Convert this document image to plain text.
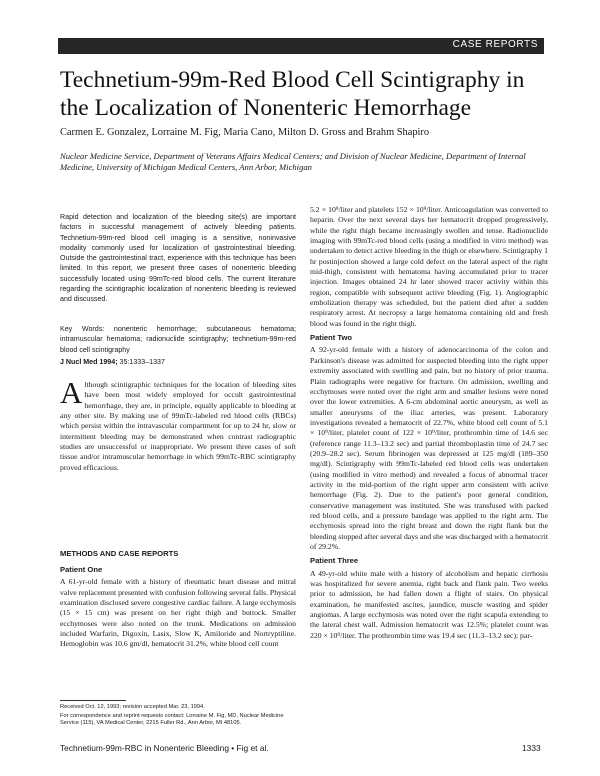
CASE REPORTS
Technetium-99m-Red Blood Cell Scintigraphy in the Localization of Nonenteric Hemorrhage
Carmen E. Gonzalez, Lorraine M. Fig, Maria Cano, Milton D. Gross and Brahm Shapiro
Nuclear Medicine Service, Department of Veterans Affairs Medical Centers; and Division of Nuclear Medicine, Department of Internal Medicine, University of Michigan Medical Centers, Ann Arbor, Michigan

Rapid detection and localization of the bleeding site(s) are important factors in successful management of actively bleeding patients. Technetium-99m-red blood cell imaging is a sensitive, noninvasive modality commonly used for localization of gastrointestinal bleeding. Outside the gastrointestinal tract, experience with this technique has been limited. In this report, we present three cases of nonenteric bleeding successfully located using 99mTc-red blood cells. The current literature regarding the scintigraphic localization of nonenteric bleeding is reviewed and discussed.

Key Words: nonenteric hemorrhage; subcutaneous hematoma; intramuscular hematoma; radionuclide scintigraphy; technetium-99m-red blood cell scintigraphy

J Nucl Med 1994; 35:1333–1337
A lthough scintigraphic techniques for the location of bleeding sites have been most widely employed for occult gastrointestinal hemorrhage, they are, in principle, equally applicable to bleeding at any other site. By making use of 99mTc-labeled red blood cells (RBCs) which persist within the intravascular compartment for up to 24 hr, slow or intermittent bleeding may be demonstrated when contrast radiographic studies are unsuccessful or inappropriate. We present three cases of soft tissue and/or intramuscular hemorrhage in which 99mTc-RBC scintigraphy proved efficacious.

METHODS AND CASE REPORTS
Patient One

A 61-yr-old female with a history of rheumatic heart disease and mitral valve replacement presented with confusion following several falls. Physical examination disclosed severe congestive cardiac failure. A large ecchymosis (15 × 15 cm) was present on her right thigh and buttock. Smaller ecchymoses were also noted on the trunk. Medications on admission included Warfarin, Digoxin, Lasix, Slow K, Amiloride and Nortryptiline. Hemoglobin was 10.6 gm/dl, hematocrit 31.2%, white blood cell count

Received Oct. 12, 1993; revision accepted Mar. 23, 1994.
For correspondence and reprint requests contact: Lorraine M. Fig, MD, Nuclear Medicine Service (115), VA Medical Center, 2215 Fuller Rd., Ann Arbor, MI 48105.

5.2 × 10⁹/liter and platelets 152 × 10⁹/liter. Anticoagulation was converted to heparin. Over the next several days her hematocrit dropped progressively, while the right thigh became increasingly swollen and tense. Radionuclide imaging with 99mTc-red blood cells (using a modified in vitro method) was undertaken to detect active bleeding in the thigh or elsewhere. Scintigraphy 1 hr postinjection showed a large cold defect on the lateral aspect of the right mid-thigh, consistent with hematoma having accumulated prior to tracer injection. Images obtained 24 hr later showed tracer activity within this region, compatible with subsequent active bleeding (Fig. 1). Angiographic embolization therapy was scheduled, but the patient died after a sudden respiratory arrest. At necropsy a large hematoma containing old and fresh blood was found in the right thigh.

Patient Two

A 92-yr-old female with a history of adenocarcinoma of the colon and Parkinson's disease was admitted for suspected bleeding into the right upper extremity associated with swelling and pain, but no history of prior trauma. Plain radiographs were negative for fracture. On admission, swelling and ecchymoses were noted over the right arm and smaller lesions were noted over the lower extremities. A 6-cm abdominal aortic aneurysm, as well as smaller aneurysms of the iliac arteries, was present. Laboratory investigations revealed a hematocrit of 22.7%, white blood cell count of 5.1 × 10⁹/liter, platelet count of 122 × 10⁹/liter, prothrombin time of 14.6 sec (reference range 11.3–13.2 sec) and partial thromboplastin time of 24.7 sec (20.9–28.2 sec). Serum fibrinogen was depressed at 125 mg/dl (189–350 mg/dl). Scintigraphy with 99mTc-labeled red blood cells was undertaken (using modified in vitro method) and revealed a focus of abnormal tracer activity in the mid-portion of the right upper arm consistent with active hemorrhage (Fig. 2). Due to the patient's poor general condition, conservative management was instituted. She was transfused with packed red blood cells, and a pressure bandage was applied to the right arm. The ecchymosis spread into the right breast and down the right flank but the bleeding stopped after several days and she was discharged with a hematocrit of 29.2%.

Patient Three

A 49-yr-old white male with a history of alcoholism and hepatic cirrhosis was hospitalized for severe anemia, right back and flank pain. Two weeks prior to admission, he had fallen down a flight of stairs. On physical examination, he manifested ascites, jaundice, muscle wasting and spider angiomas. A large ecchymosis was noted over the right scapula extending to the lateral chest wall. Admission hematocrit was 12.5%; platelet count was 220 × 10⁹/liter. The prothrombin time was 19.4 sec (11.3–13.2 sec); par-

Technetium-99m-RBC in Nonenteric Bleeding • Fig et al.	1333
